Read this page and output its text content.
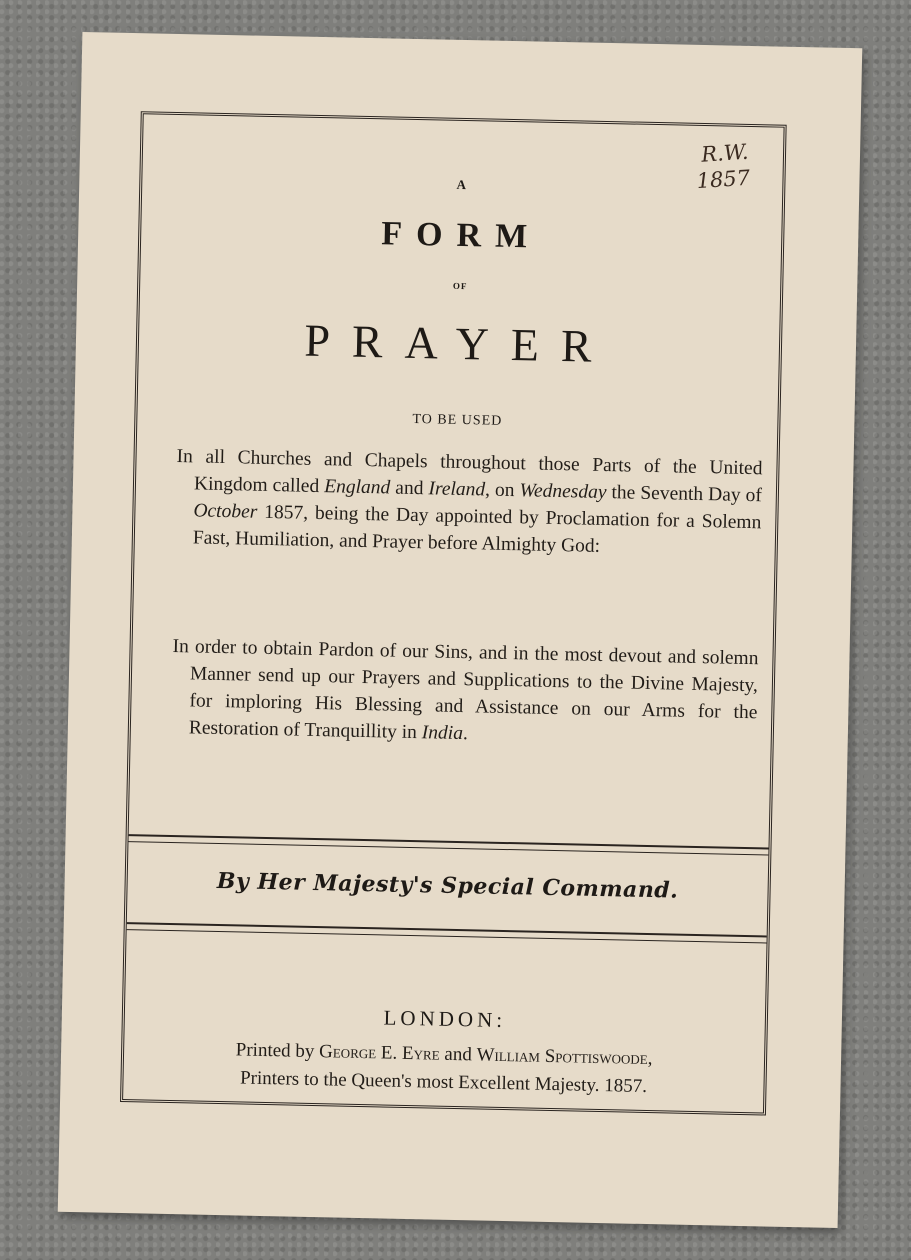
R.W.
1857
A
FORM
OF
PRAYER
TO BE USED
In all Churches and Chapels throughout those Parts of the United Kingdom called England and Ireland, on Wednesday the Seventh Day of October 1857, being the Day appointed by Proclamation for a Solemn Fast, Humiliation, and Prayer before Almighty God:
In order to obtain Pardon of our Sins, and in the most devout and solemn Manner send up our Prayers and Supplications to the Divine Majesty, for imploring His Blessing and Assistance on our Arms for the Restoration of Tranquillity in India.
By Her Majesty's Special Command.
LONDON:
Printed by George E. Eyre and William Spottiswoode,
Printers to the Queen's most Excellent Majesty. 1857.
